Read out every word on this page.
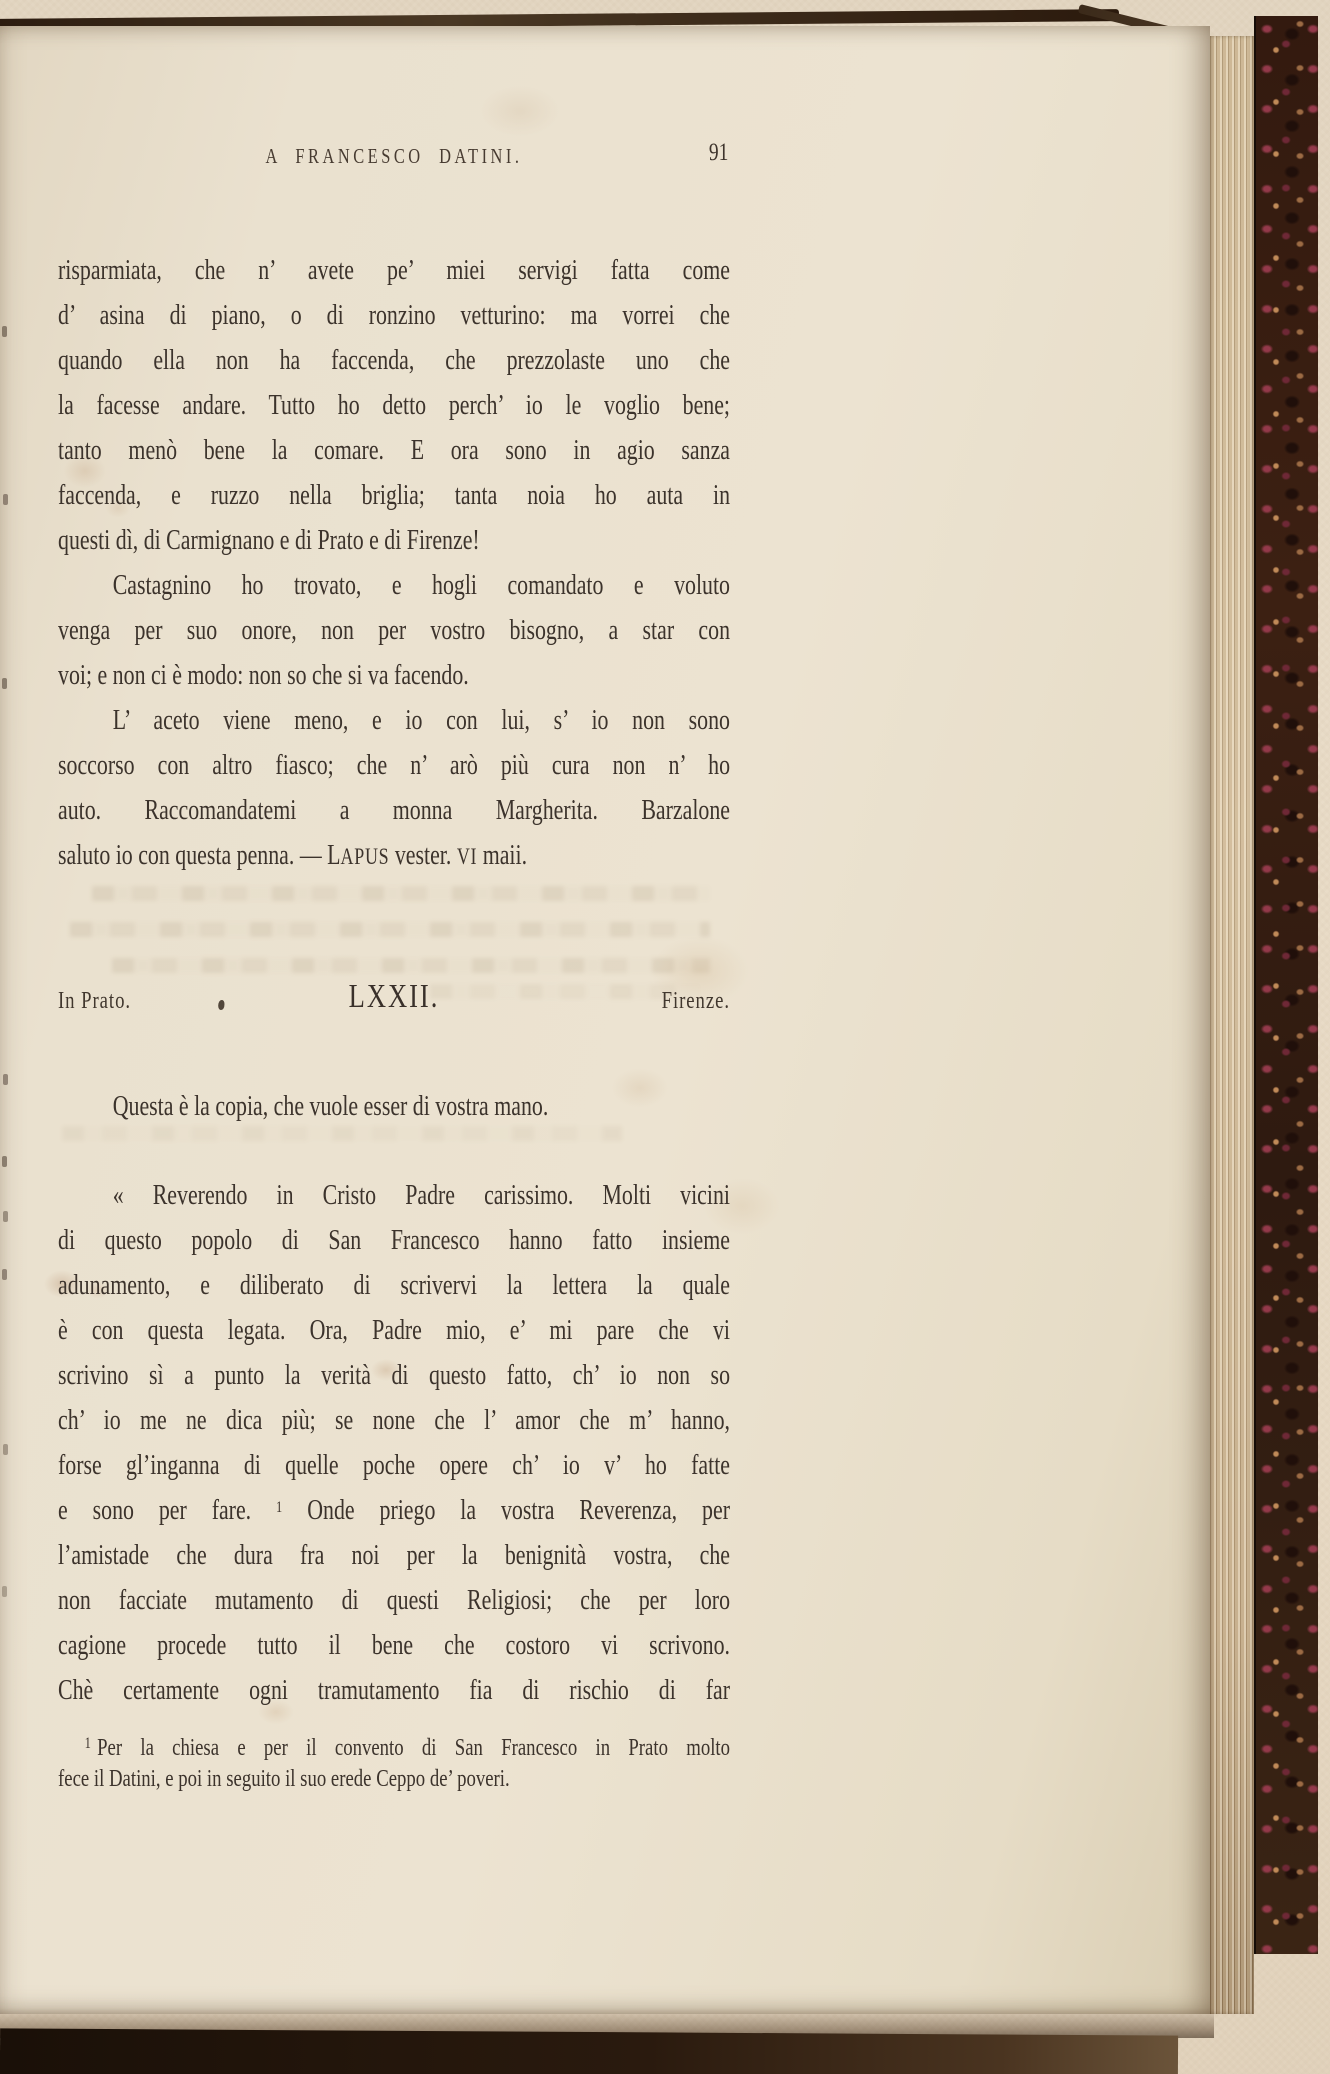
A FRANCESCO DATINI.	91
risparmiata, che n’ avete pe’ miei servigi fatta come
d’ asina di piano, o di ronzino vetturino: ma vorrei che
quando ella non ha faccenda, che prezzolaste uno che
la facesse andare. Tutto ho detto perch’ io le voglio bene;
tanto menò bene la comare. E ora sono in agio sanza
faccenda, e ruzzo nella briglia; tanta noia ho auta in
questi dì, di Carmignano e di Prato e di Firenze!
Castagnino ho trovato, e hogli comandato e voluto
venga per suo onore, non per vostro bisogno, a star con
voi; e non ci è modo: non so che si va facendo.
L’ aceto viene meno, e io con lui, s’ io non sono
soccorso con altro fiasco; che n’ arò più cura non n’ ho
auto. Raccomandatemi a monna Margherita. Barzalone
saluto io con questa penna. — LAPUS vester. VI maii.
In Prato.	LXXII.	Firenze.
Questa è la copia, che vuole esser di vostra mano.
« Reverendo in Cristo Padre carissimo. Molti vicini
di questo popolo di San Francesco hanno fatto insieme
adunamento, e diliberato di scrivervi la lettera la quale
è con questa legata. Ora, Padre mio, e’ mi pare che vi
scrivino sì a punto la verità di questo fatto, ch’ io non so
ch’ io me ne dica più; se none che l’ amor che m’ hanno,
forse gl’inganna di quelle poche opere ch’ io v’ ho fatte
e sono per fare. $^1$ Onde priego la vostra Reverenza, per
l’amistade che dura fra noi per la benignità vostra, che
non facciate mutamento di questi Religiosi; che per loro
cagione procede tutto il bene che costoro vi scrivono.
Chè certamente ogni tramutamento fia di rischio di far
$^1$ Per la chiesa e per il convento di San Francesco in Prato molto
fece il Datini, e poi in seguito il suo erede Ceppo de’ poveri.
